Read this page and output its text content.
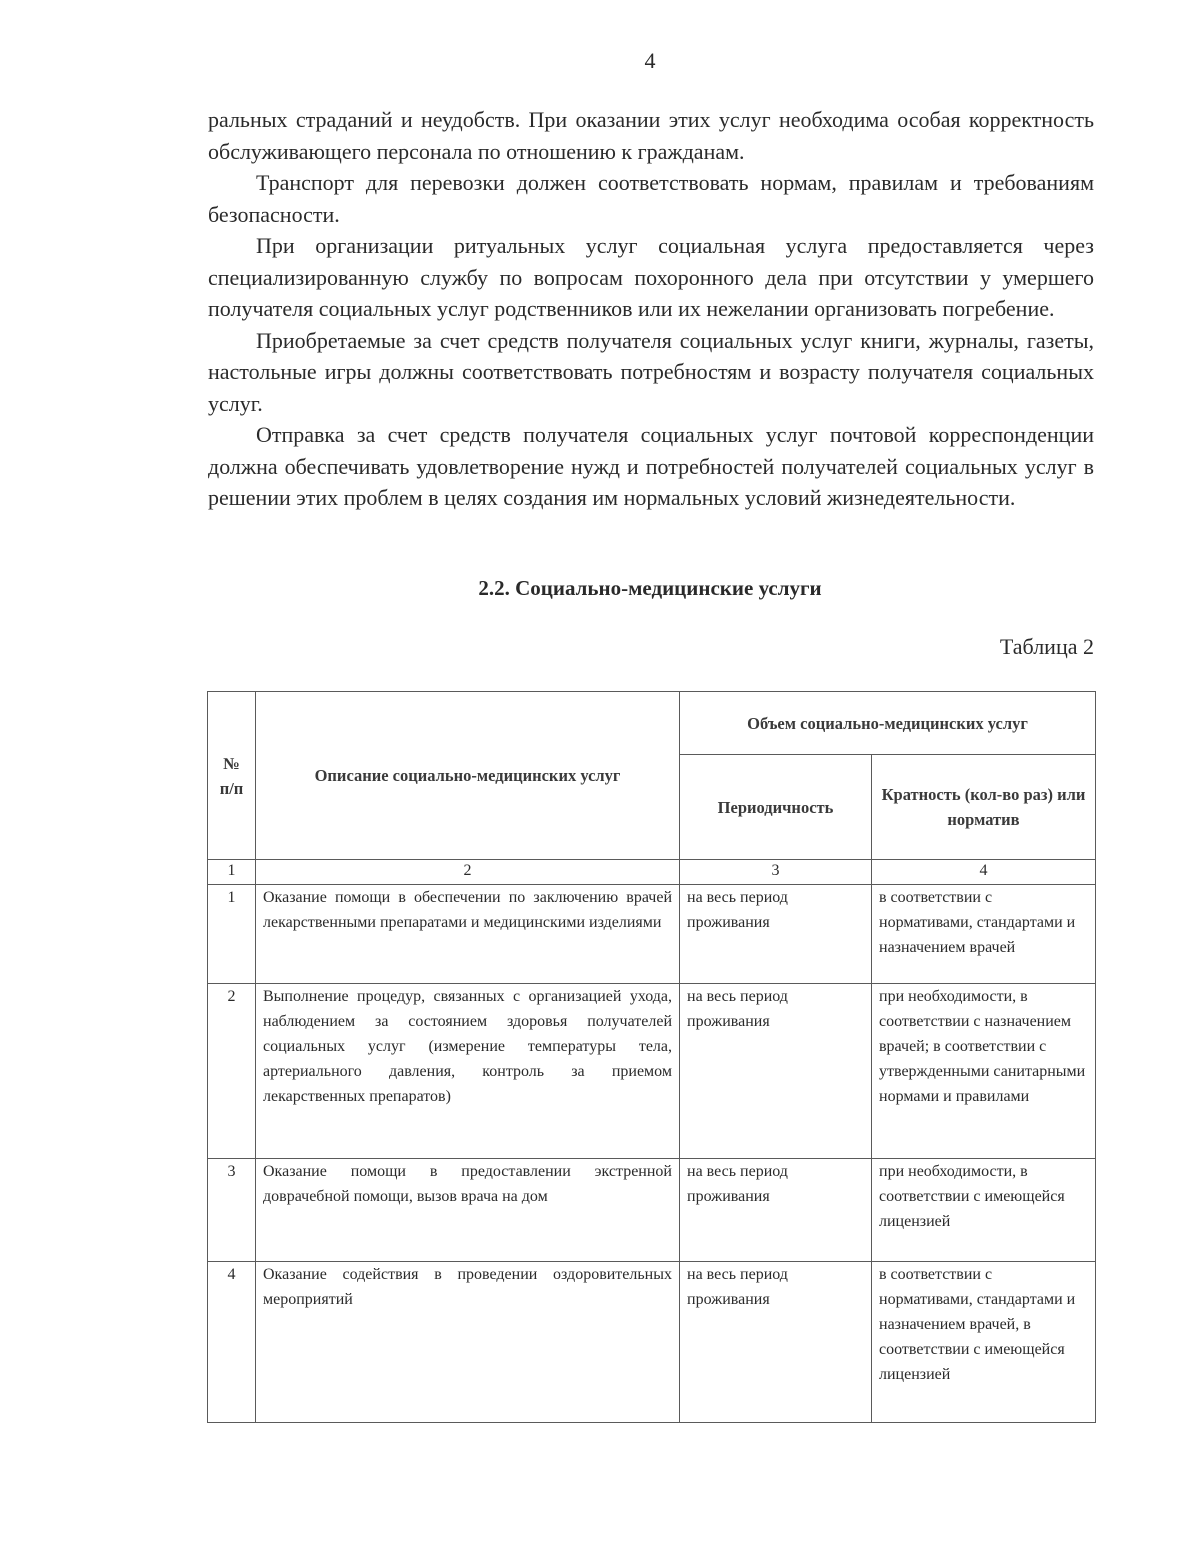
4

ральных страданий и неудобств. При оказании этих услуг необходима особая корректность обслуживающего персонала по отношению к гражданам.

Транспорт для перевозки должен соответствовать нормам, правилам и требованиям безопасности.

При организации ритуальных услуг социальная услуга предоставляется через специализированную службу по вопросам похоронного дела при отсутствии у умершего получателя социальных услуг родственников или их нежелании организовать погребение.

Приобретаемые за счет средств получателя социальных услуг книги, журналы, газеты, настольные игры должны соответствовать потребностям и возрасту получателя социальных услуг.

Отправка за счет средств получателя социальных услуг почтовой корреспонденции должна обеспечивать удовлетворение нужд и потребностей получателей социальных услуг в решении этих проблем в целях создания им нормальных условий жизнедеятельности.

2.2. Социально-медицинские услуги
Таблица 2
№ п/п	Описание социально-медицинских услуг	Объем социально-медицинских услуг	
		Периодичность	Кратность (кол-во раз) или норматив
1	2	3	4
1	Оказание помощи в обеспечении по заключению врачей лекарственными препаратами и медицинскими изделиями	на весь период проживания	в соответствии с нормативами, стандартами и назначением врачей
2	Выполнение процедур, связанных с организацией ухода, наблюдением за состоянием здоровья получателей социальных услуг (измерение температуры тела, артериального давления, контроль за приемом лекарственных препаратов)	на весь период проживания	при необходимости, в соответствии с назначением врачей; в соответствии с утвержденными санитарными нормами и правилами
3	Оказание помощи в предоставлении экстренной доврачебной помощи, вызов врача на дом	на весь период проживания	при необходимости, в соответствии с имеющейся лицензией
4	Оказание содействия в проведении оздоровительных мероприятий	на весь период проживания	в соответствии с нормативами, стандартами и назначением врачей, в соответствии с имеющейся лицензией
